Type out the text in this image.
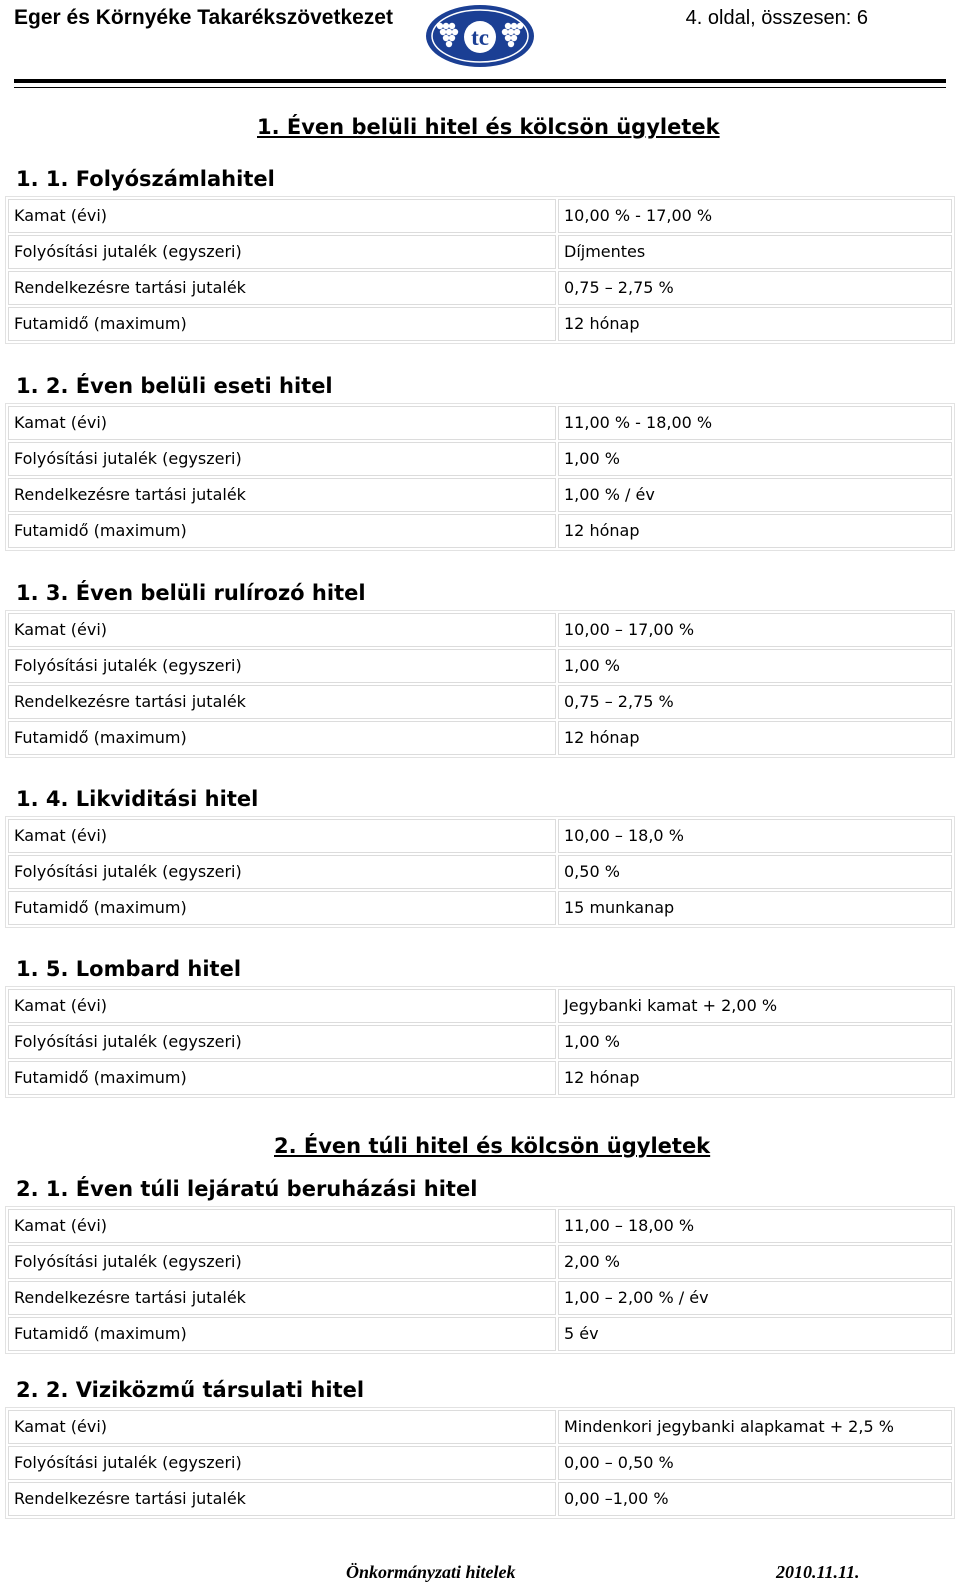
Eger és Környéke Takarékszövetkezet
tc
4. oldal, összesen: 6
1. Éven belüli hitel és kölcsön ügyletek
1. 1. Folyószámlahitel
Kamat (évi)	10,00 % - 17,00 %
Folyósítási jutalék (egyszeri)	Díjmentes
Rendelkezésre tartási jutalék	0,75 – 2,75 %
Futamidő (maximum)	12 hónap
1. 2. Éven belüli eseti hitel
Kamat (évi)	11,00 % - 18,00 %
Folyósítási jutalék (egyszeri)	1,00 %
Rendelkezésre tartási jutalék	1,00 % / év
Futamidő (maximum)	12 hónap
1. 3. Éven belüli rulírozó hitel
Kamat (évi)	10,00 – 17,00 %
Folyósítási jutalék (egyszeri)	1,00 %
Rendelkezésre tartási jutalék	0,75 – 2,75 %
Futamidő (maximum)	12 hónap
1. 4. Likviditási hitel
Kamat (évi)	10,00 – 18,0 %
Folyósítási jutalék (egyszeri)	0,50 %
Futamidő (maximum)	15 munkanap
1. 5. Lombard hitel
Kamat (évi)	Jegybanki kamat + 2,00 %
Folyósítási jutalék (egyszeri)	1,00 %
Futamidő (maximum)	12 hónap
2. Éven túli hitel és kölcsön ügyletek
2. 1. Éven túli lejáratú beruházási hitel
Kamat (évi)	11,00 – 18,00 %
Folyósítási jutalék (egyszeri)	2,00 %
Rendelkezésre tartási jutalék	1,00 – 2,00 % / év
Futamidő (maximum)	5 év
2. 2. Viziközmű társulati hitel
Kamat (évi)	Mindenkori jegybanki alapkamat + 2,5 %
Folyósítási jutalék (egyszeri)	0,00 – 0,50 %
Rendelkezésre tartási jutalék	0,00 –1,00 %
Önkormányzati hitelek	2010.11.11.
